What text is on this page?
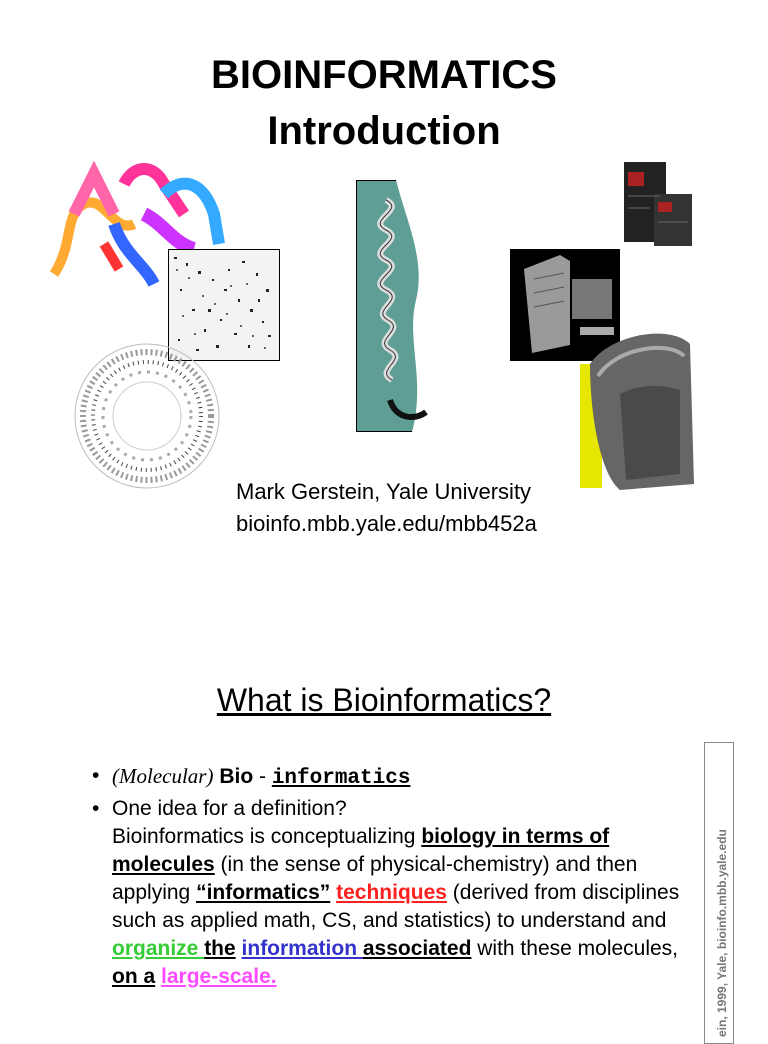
BIOINFORMATICS
Introduction
Mark Gerstein, Yale University
bioinfo.mbb.yale.edu/mbb452a
What is Bioinformatics?
• (Molecular) Bio - informatics
• One idea for a definition?
Bioinformatics is conceptualizing biology in terms of molecules (in the sense of physical-chemistry) and then applying “informatics” techniques (derived from disciplines such as applied math, CS, and statistics) to understand and organize the information associated with these molecules, on a large-scale.	ein, 1999, Yale, bioinfo.mbb.yale.edu
